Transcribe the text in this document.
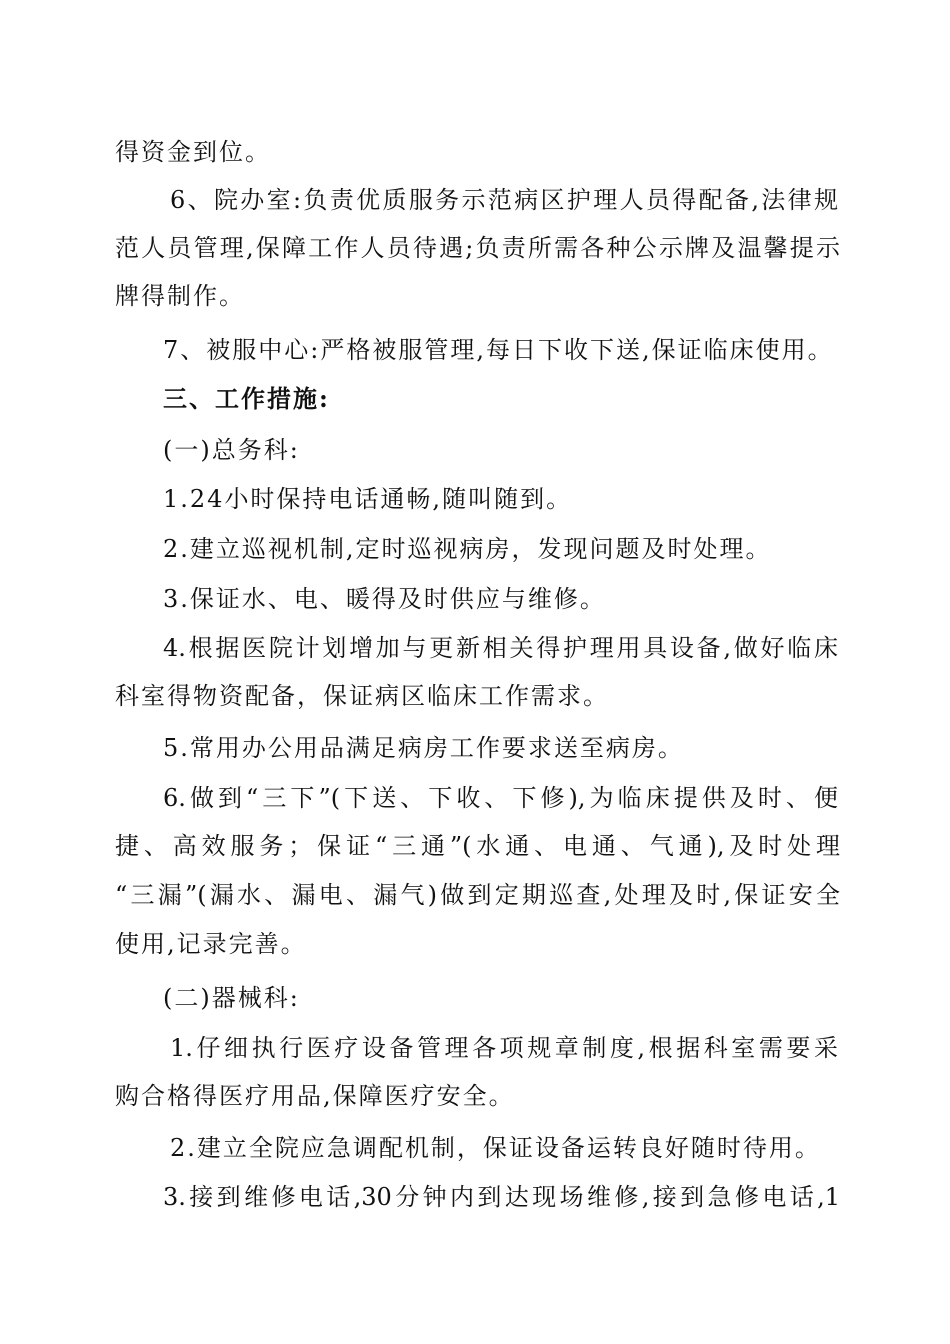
得资金到位。
6、院办室:负责优质服务示范病区护理人员得配备,法律规
范人员管理,保障工作人员待遇;负责所需各种公示牌及温馨提示
牌得制作。
7、被服中心:严格被服管理,每日下收下送,保证临床使用。
三、工作措施:
(一)总务科:
1.24小时保持电话通畅,随叫随到。
2.建立巡视机制,定时巡视病房，发现问题及时处理。
3.保证水、电、暖得及时供应与维修。
4.根据医院计划增加与更新相关得护理用具设备,做好临床
科室得物资配备，保证病区临床工作需求。
5.常用办公用品满足病房工作要求送至病房。
6.做到“三下”(下送、下收、下修),为临床提供及时、便
捷、高效服务；保证“三通”(水通、电通、气通),及时处理
“三漏”(漏水、漏电、漏气)做到定期巡查,处理及时,保证安全
使用,记录完善。
(二)器械科:
1.仔细执行医疗设备管理各项规章制度,根据科室需要采
购合格得医疗用品,保障医疗安全。
2.建立全院应急调配机制，保证设备运转良好随时待用。
3.接到维修电话,30分钟内到达现场维修,接到急修电话,1
